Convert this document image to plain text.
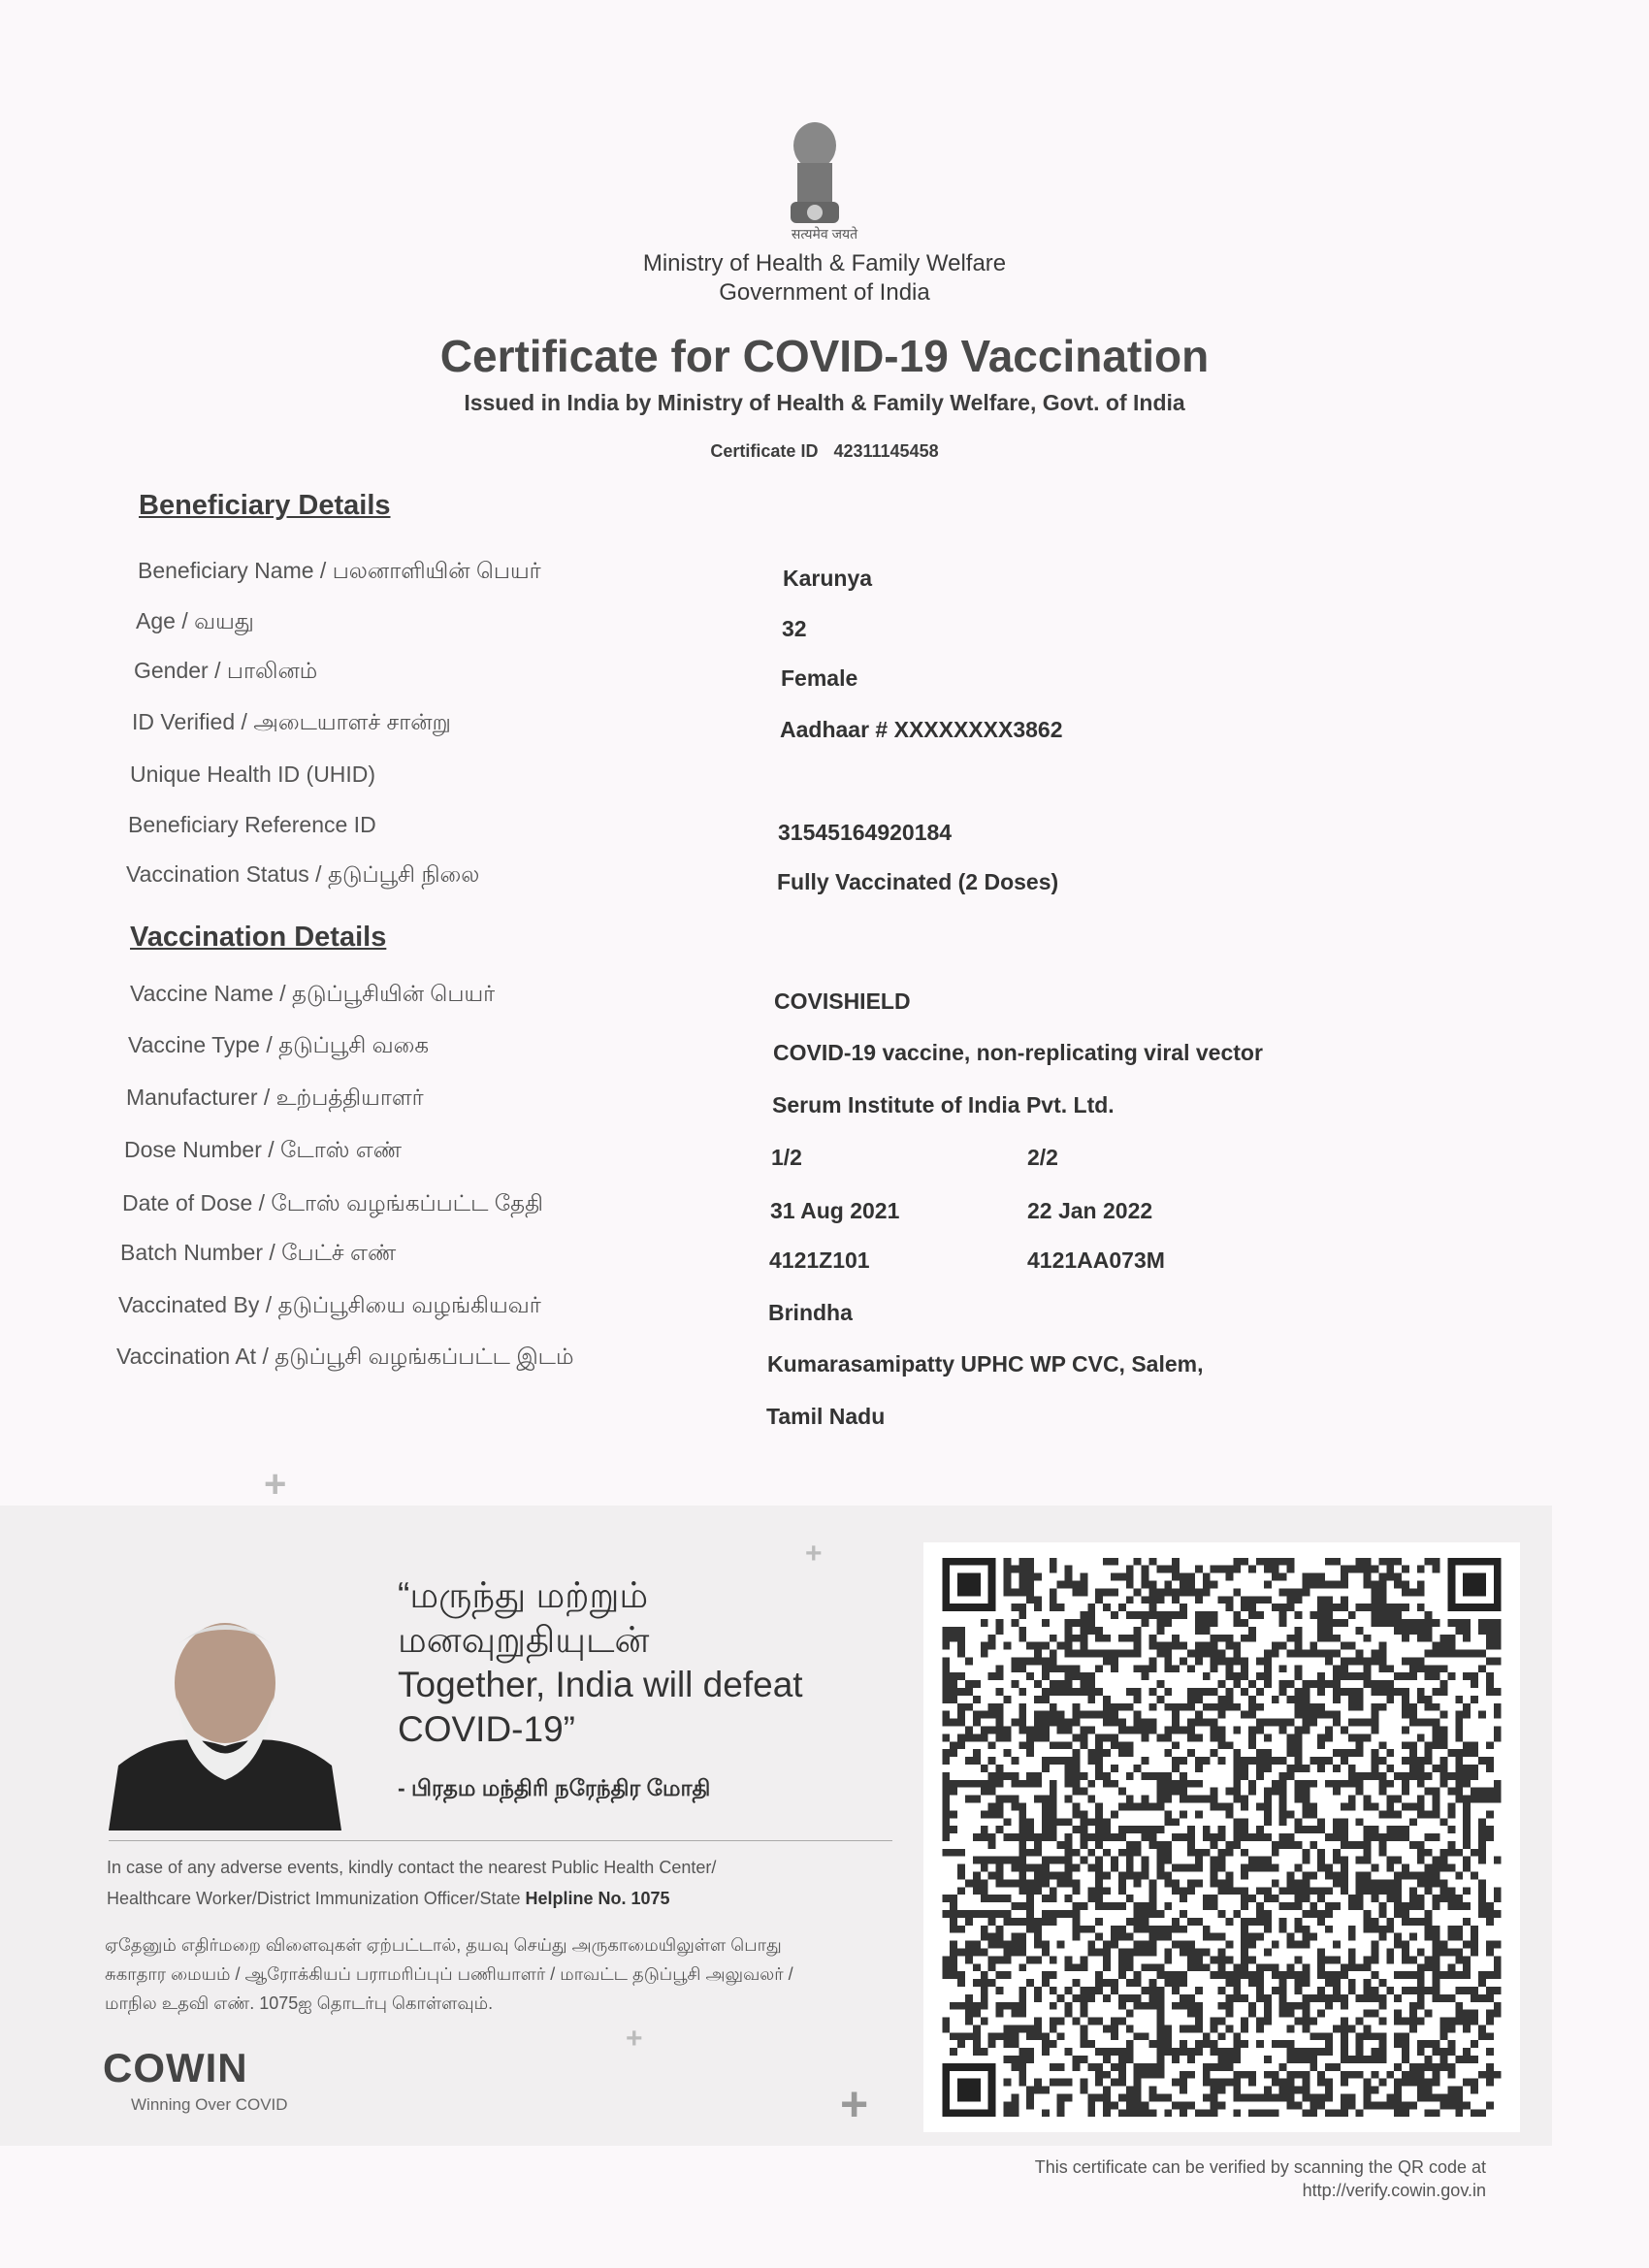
सत्यमेव जयते
Ministry of Health & Family Welfare
Government of India
Certificate for COVID-19 Vaccination
Issued in India by Ministry of Health & Family Welfare, Govt. of India
Certificate ID 42311145458
Beneficiary Details
Beneficiary Name / பலனாளியின் பெயர்	Karunya
Age / வயது	32
Gender / பாலினம்	Female
ID Verified / அடையாளச் சான்று	Aadhaar # XXXXXXXX3862
Unique Health ID (UHID)
Beneficiary Reference ID	31545164920184
Vaccination Status / தடுப்பூசி நிலை	Fully Vaccinated (2 Doses)
Vaccination Details
Vaccine Name / தடுப்பூசியின் பெயர்	COVISHIELD
Vaccine Type / தடுப்பூசி வகை	COVID-19 vaccine, non-replicating viral vector
Manufacturer / உற்பத்தியாளர்	Serum Institute of India Pvt. Ltd.
Dose Number / டோஸ் எண்	1/2	2/2
Date of Dose / டோஸ் வழங்கப்பட்ட தேதி	31 Aug 2021	22 Jan 2022
Batch Number / பேட்ச் எண்	4121Z101	4121AA073M
Vaccinated By / தடுப்பூசியை வழங்கியவர்	Brindha
Vaccination At / தடுப்பூசி வழங்கப்பட்ட இடம்	Kumarasamipatty UPHC WP CVC, Salem,
Tamil Nadu
+
+
+
+
“மருந்து மற்றும்
மனவுறுதியுடன்
Together, India will defeat
COVID-19”
- பிரதம மந்திரி நரேந்திர மோதி
In case of any adverse events, kindly contact the nearest Public Health Center/
Healthcare Worker/District Immunization Officer/State Helpline No. 1075
ஏதேனும் எதிர்மறை விளைவுகள் ஏற்பட்டால், தயவு செய்து அருகாமையிலுள்ள பொது
சுகாதார மையம் / ஆரோக்கியப் பராமரிப்புப் பணியாளர் / மாவட்ட தடுப்பூசி அலுவலர் /
மாநில உதவி எண். 1075ஐ தொடர்பு கொள்ளவும்.
COWIN
Winning Over COVID
This certificate can be verified by scanning the QR code at
http://verify.cowin.gov.in
